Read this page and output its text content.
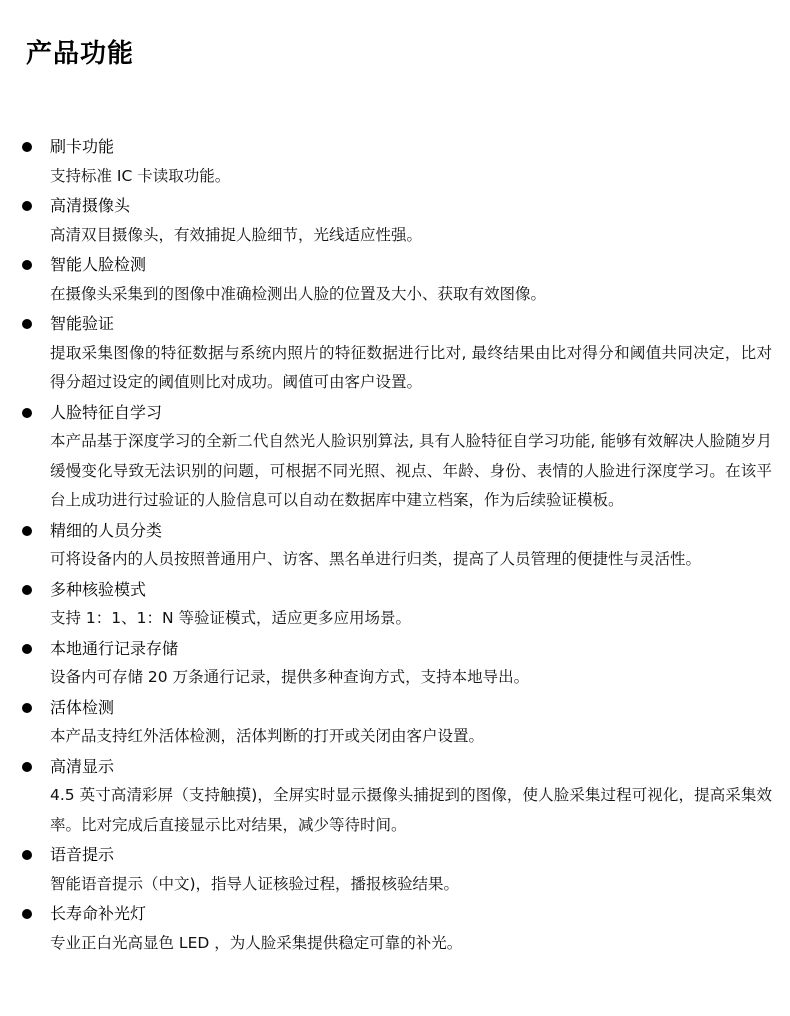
产品功能
刷卡功能
支持标准 IC 卡读取功能。
高清摄像头
高清双目摄像头，有效捕捉人脸细节，光线适应性强。
智能人脸检测
在摄像头采集到的图像中准确检测出人脸的位置及大小、获取有效图像。
智能验证
提取采集图像的特征数据与系统内照片的特征数据进行比对, 最终结果由比对得分和阈值共同决定，比对得分超过设定的阈值则比对成功。阈值可由客户设置。
人脸特征自学习
本产品基于深度学习的全新二代自然光人脸识别算法, 具有人脸特征自学习功能, 能够有效解决人脸随岁月缓慢变化导致无法识别的问题，可根据不同光照、视点、年龄、身份、表情的人脸进行深度学习。在该平台上成功进行过验证的人脸信息可以自动在数据库中建立档案，作为后续验证模板。
精细的人员分类
可将设备内的人员按照普通用户、访客、黑名单进行归类，提高了人员管理的便捷性与灵活性。
多种核验模式
支持 1：1、1：N 等验证模式，适应更多应用场景。
本地通行记录存储
设备内可存储 20 万条通行记录，提供多种查询方式，支持本地导出。
活体检测
本产品支持红外活体检测，活体判断的打开或关闭由客户设置。
高清显示
4.5 英寸高清彩屏（支持触摸)，全屏实时显示摄像头捕捉到的图像，使人脸采集过程可视化，提高采集效率。比对完成后直接显示比对结果，减少等待时间。
语音提示
智能语音提示（中文)，指导人证核验过程，播报核验结果。
长寿命补光灯
专业正白光高显色 LED ，为人脸采集提供稳定可靠的补光。
